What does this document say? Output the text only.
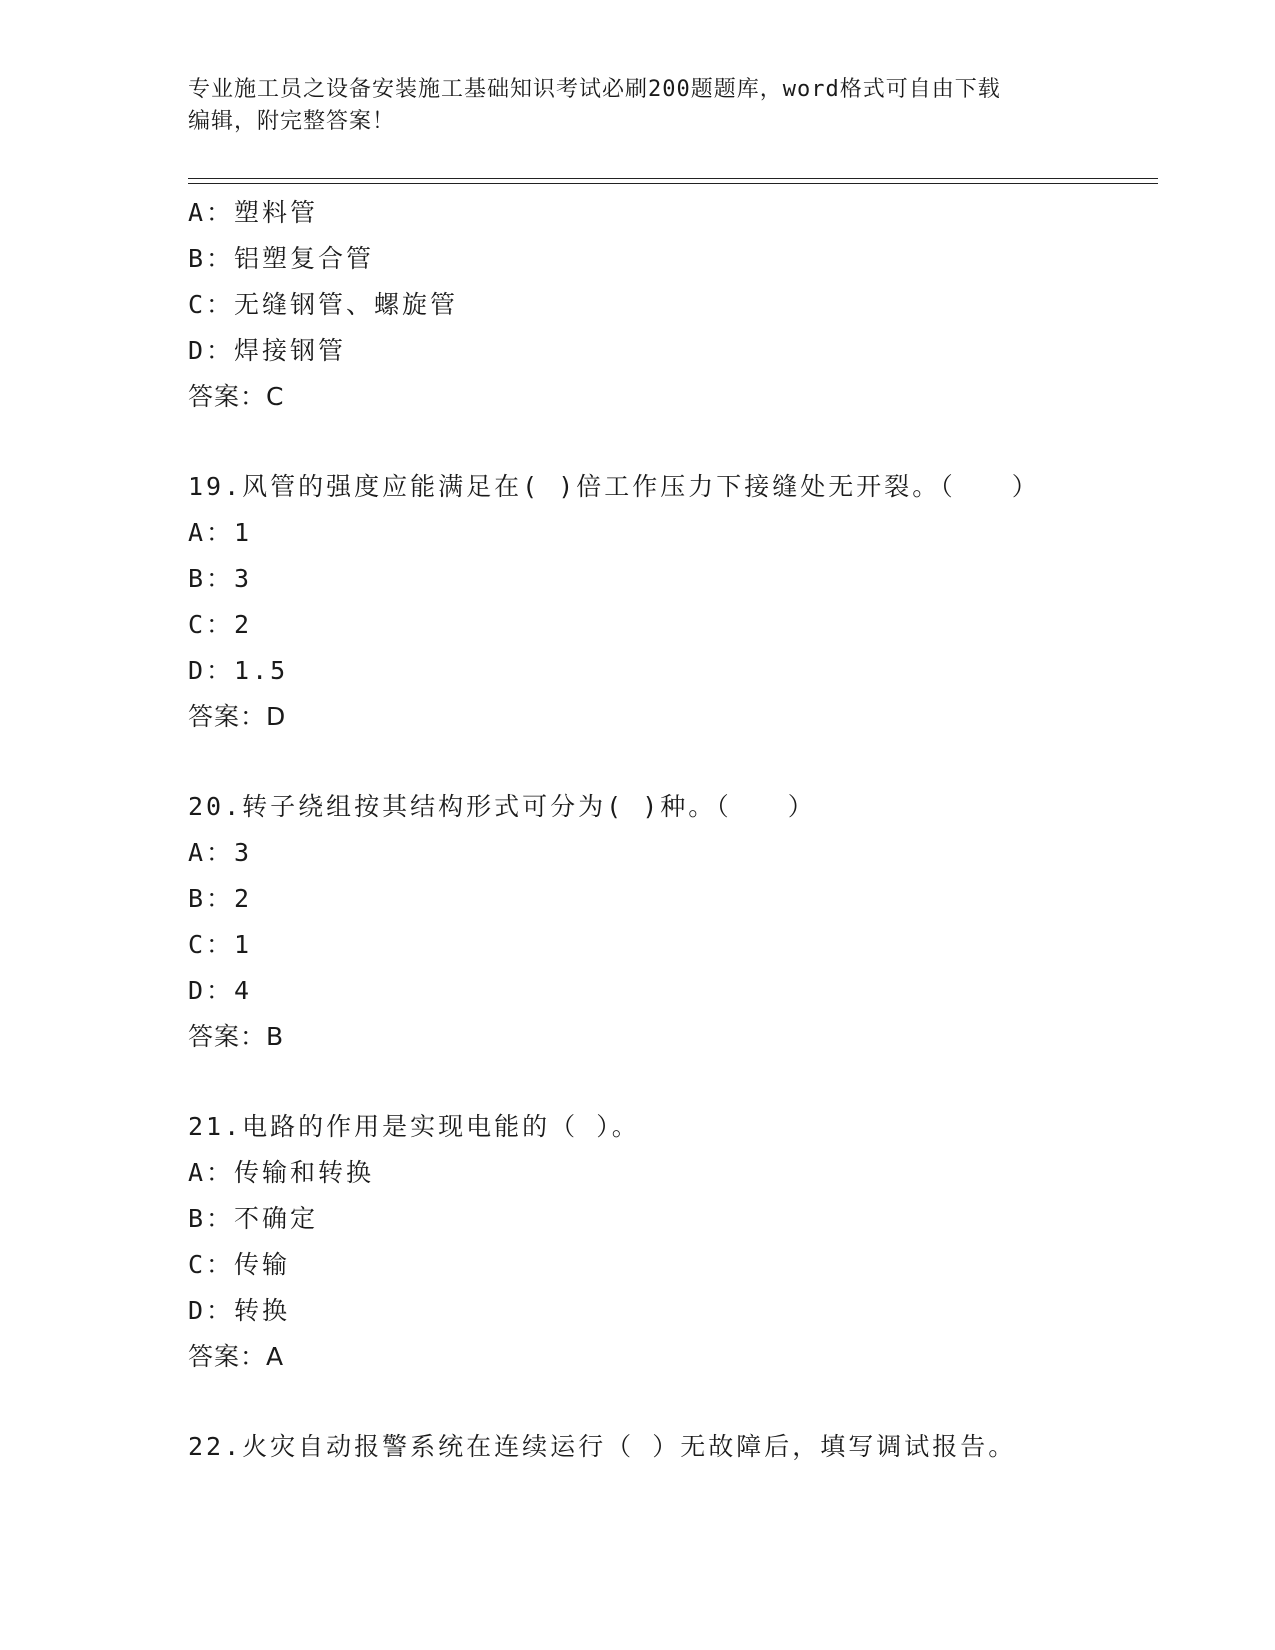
专业施工员之设备安装施工基础知识考试必刷200题题库，word格式可自由下载
编辑，附完整答案！
A：塑料管
B：铝塑复合管
C：无缝钢管、螺旋管
D：焊接钢管
答案：C
19.风管的强度应能满足在( )倍工作压力下接缝处无开裂。（　　）
A：1
B：3
C：2
D：1.5
答案：D
20.转子绕组按其结构形式可分为( )种。（　　）
A：3
B：2
C：1
D：4
答案：B
21.电路的作用是实现电能的（ ）。
A：传输和转换
B：不确定
C：传输
D：转换
答案：A
22.火灾自动报警系统在连续运行（ ）无故障后，填写调试报告。
